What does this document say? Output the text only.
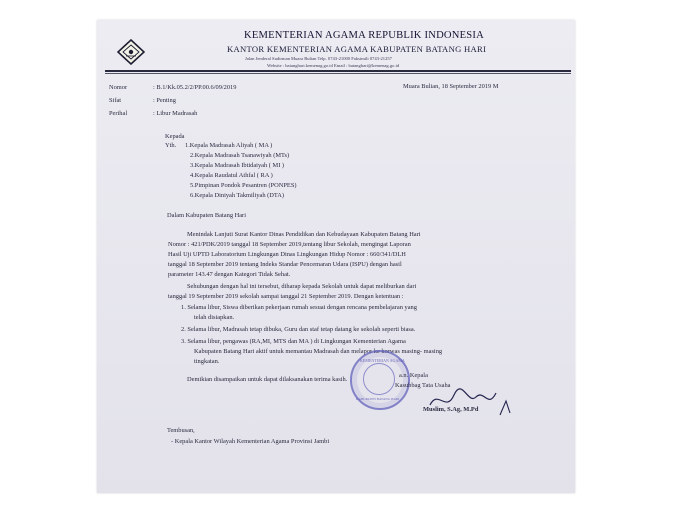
KEMENTERIAN AGAMA REPUBLIK INDONESIA
KANTOR KEMENTERIAN AGAMA KABUPATEN BATANG HARI
Jalan Jenderal Sudirman Muara Bulian Telp. 0743-21000 Faksimili 0743-21257
Website : batanghari.kemenag.go.id Email : batanghari@kemenag.go.id
Nomor	: B.1/Kk.05.2/2/PP.00.6/09/2019	Muara Bulian, 18 September 2019 M
Sifat	: Penting
Perihal	: Libur Madrasah
Kepada
Yth. 1.Kepala Madrasah Aliyah ( MA )
2.Kepala Madrasah Tsanawiyah (MTs)
3.Kepala Madrasah Ibtidaiyah ( MI )
4.Kepala Raudatul Athfal ( RA )
5.Pimpinan Pondok Pesantren (PONPES)
6.Kepala Diniyah Takmiliyah (DTA)
Dalam Kabupaten Batang Hari
Menindak Lanjuti Surat Kantor Dinas Pendidikan dan Kebudayaan Kabupaten Batang Hari
Nomor : 421/PDK/2019 tanggal 18 September 2019,tentang libur Sekolah, mengingat Laporan
Hasil Uji UPTD Laboratorium Lingkungan Dinas Lingkungan Hidup Nomor : 660/341/DLH
tanggal 18 September 2019 tentang Indeks Standar Pencemaran Udara (ISPU) dengan hasil
parameter 143.47 dengan Kategori Tidak Sehat.
Sehubungan dengan hal ini tersebut, diharap kepada Sekolah untuk dapat meliburkan dari
tanggal 19 September 2019 sekolah sampai tanggal 21 September 2019. Dengan ketentuan :
1. Selama libur, Siswa diberikan pekerjaan rumah sesuai dengan rencana pembelajaran yang
telah disiapkan.
2. Selama libur, Madrasah tetap dibuka, Guru dan staf tetap datang ke sekolah seperti biasa.
3. Selama libur, pengawas (RA,MI, MTS dan MA ) di Lingkungan Kementerian Agama
Kabupaten Batang Hari aktif untuk memantau Madrasah dan melapor ke korwas masing- masing
tingkatan.
Demikian disampaikan untuk dapat dilaksanakan terima kasih.
KEMENTERIAN AGAMA
KABUPATEN BATANG HARI
a.n. Kepala
Kasubbag Tata Usaha
Muslim, S.Ag, M.Pd
Tembusan,
- Kepala Kantor Wilayah Kementerian Agama Provinsi Jambi
